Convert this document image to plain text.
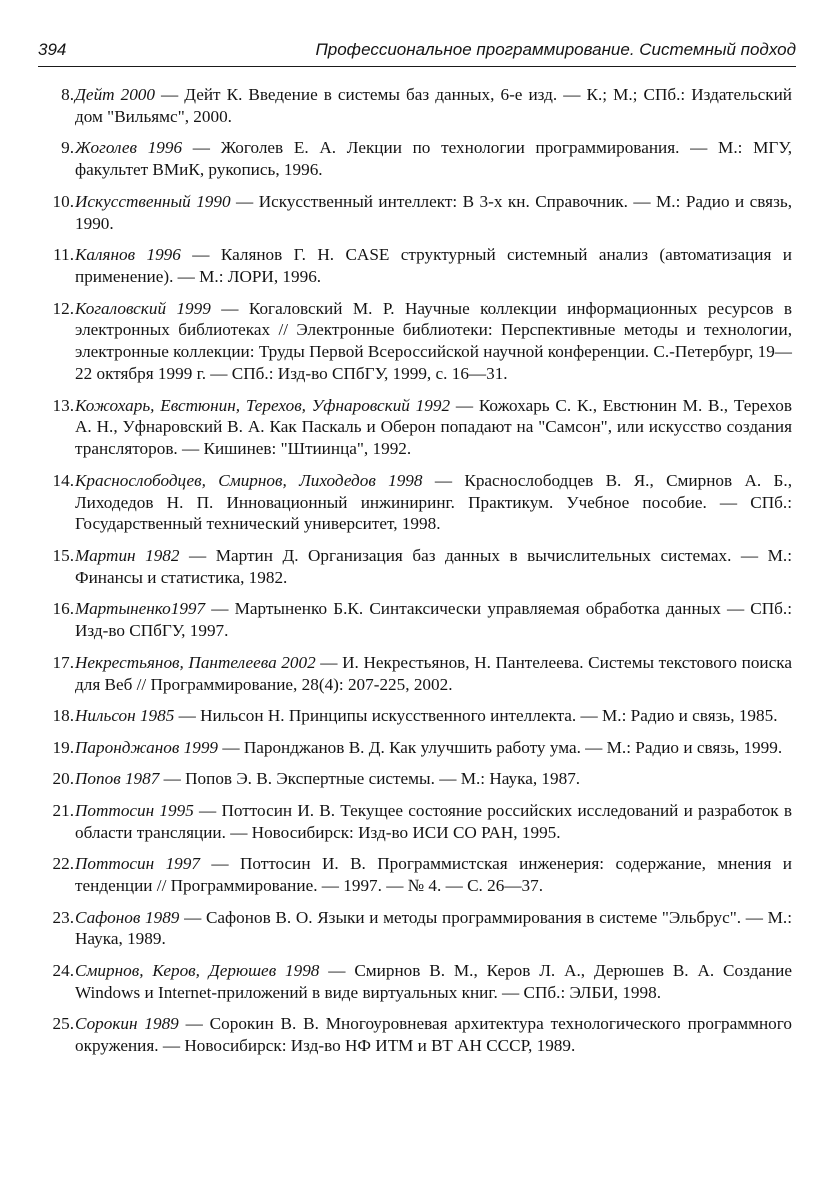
394	Профессиональное программирование. Системный подход
8. Дейт 2000 — Дейт К. Введение в системы баз данных, 6-е изд. — К.; М.; СПб.: Издательский дом "Вильямс", 2000.
9. Жоголев 1996 — Жоголев Е. А. Лекции по технологии программирования. — М.: МГУ, факультет ВМиК, рукопись, 1996.
10. Искусственный 1990 — Искусственный интеллект: В 3-х кн. Справочник. — М.: Радио и связь, 1990.
11. Калянов 1996 — Калянов Г. Н. CASE структурный системный анализ (автоматизация и применение). — М.: ЛОРИ, 1996.
12. Когаловский 1999 — Когаловский М. Р. Научные коллекции информационных ресурсов в электронных библиотеках // Электронные библиотеки: Перспективные методы и технологии, электронные коллекции: Труды Первой Всероссийской научной конференции. С.-Петербург, 19—22 октября 1999 г. — СПб.: Изд-во СПбГУ, 1999, с. 16—31.
13. Кожохарь, Евстюнин, Терехов, Уфнаровский 1992 — Кожохарь С. К., Евстюнин М. В., Терехов А. Н., Уфнаровский В. А. Как Паскаль и Оберон попадают на "Самсон", или искусство создания трансляторов. — Кишинев: "Штиинца", 1992.
14. Краснослободцев, Смирнов, Лиходедов 1998 — Краснослободцев В. Я., Смирнов А. Б., Лиходедов Н. П. Инновационный инжиниринг. Практикум. Учебное пособие. — СПб.: Государственный технический университет, 1998.
15. Мартин 1982 — Мартин Д. Организация баз данных в вычислительных системах. — М.: Финансы и статистика, 1982.
16. Мартыненко1997 — Мартыненко Б.К. Синтаксически управляемая обработка данных — СПб.: Изд-во СПбГУ, 1997.
17. Некрестьянов, Пантелеева 2002 — И. Некрестьянов, Н. Пантелеева. Системы текстового поиска для Веб // Программирование, 28(4): 207-225, 2002.
18. Нильсон 1985 — Нильсон Н. Принципы искусственного интеллекта. — М.: Радио и связь, 1985.
19. Паронджанов 1999 — Паронджанов В. Д. Как улучшить работу ума. — М.: Радио и связь, 1999.
20. Попов 1987 — Попов Э. В. Экспертные системы. — М.: Наука, 1987.
21. Поттосин 1995 — Поттосин И. В. Текущее состояние российских исследований и разработок в области трансляции. — Новосибирск: Изд-во ИСИ СО РАН, 1995.
22. Поттосин 1997 — Поттосин И. В. Программистская инженерия: содержание, мнения и тенденции // Программирование. — 1997. — № 4. — С. 26—37.
23. Сафонов 1989 — Сафонов В. О. Языки и методы программирования в системе "Эльбрус". — М.: Наука, 1989.
24. Смирнов, Керов, Дерюшев 1998 — Смирнов В. М., Керов Л. А., Дерюшев В. А. Создание Windows и Internet-приложений в виде виртуальных книг. — СПб.: ЭЛБИ, 1998.
25. Сорокин 1989 — Сорокин В. В. Многоуровневая архитектура технологического программного окружения. — Новосибирск: Изд-во НФ ИТМ и ВТ АН СССР, 1989.
